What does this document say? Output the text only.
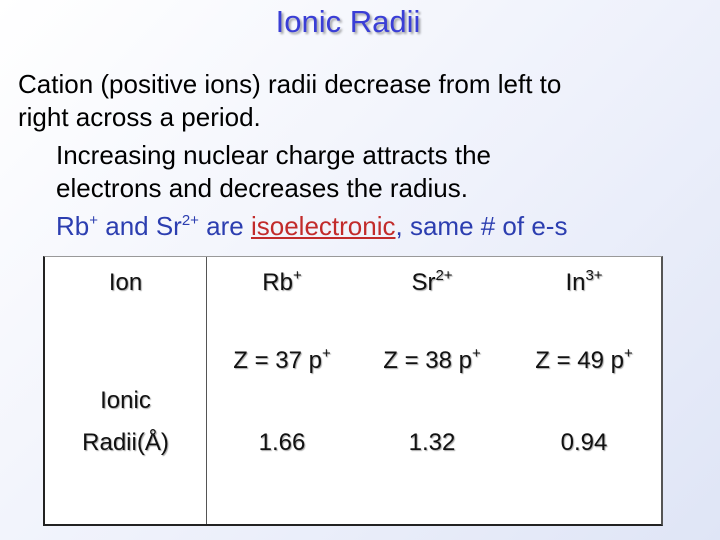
Ionic Radii
Cation (positive ions) radii decrease from left to
right across a period.
Increasing nuclear charge attracts the
electrons and decreases the radius.
Rb+ and $Sr^{2+}$ are isoelectronic, same # of e-s
Ion
Ionic
Radii(Å)
Rb+
Z = 37 p+
1.66
$Sr^{2+}$
Z = 38 p+
1.32
$In^{3+}$
Z = 49 p+
0.94
